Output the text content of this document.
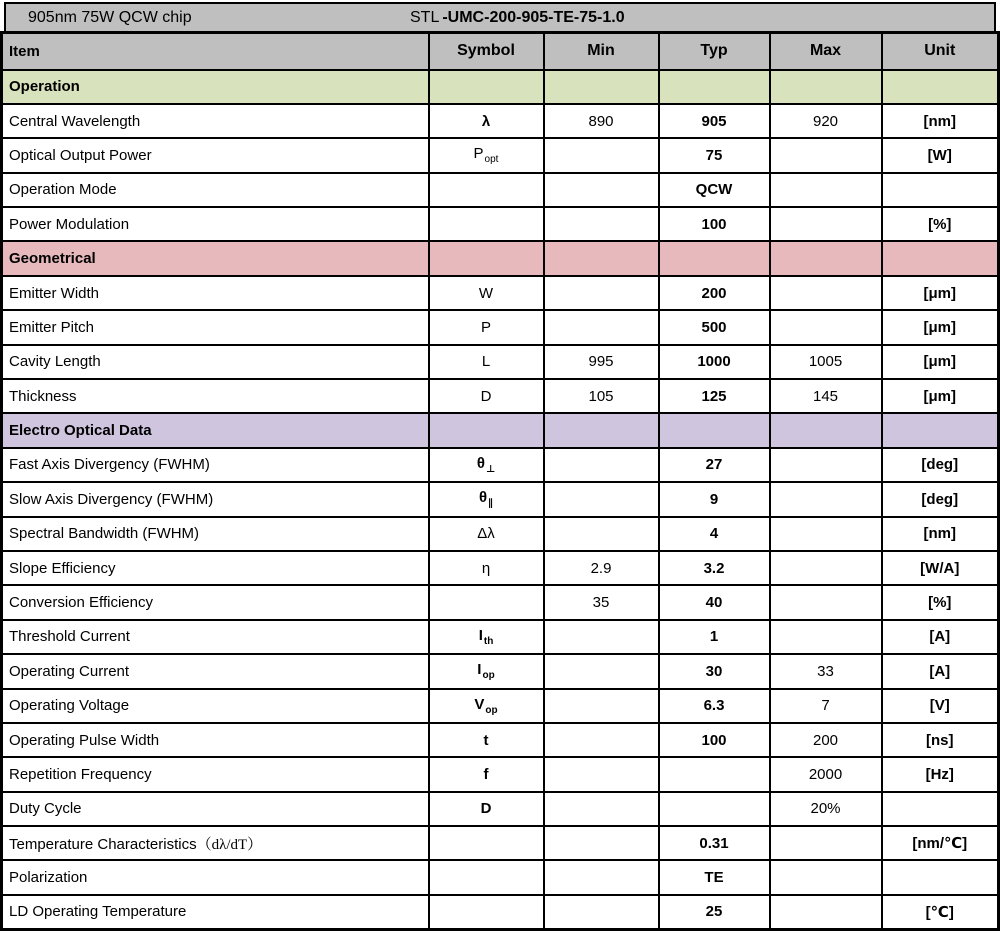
905nm 75W QCW chip	STL -UMC-200-905-TE-75-1.0
Item	Symbol	Min	Typ	Max	Unit
Operation					
Central Wavelength	λ	890	905	920	[nm]
Optical Output Power	$P_{opt}$		75		[W]
Operation Mode			QCW		
Power Modulation			100		[%]
Geometrical					
Emitter Width	W		200		[μm]
Emitter Pitch	P		500		[μm]
Cavity Length	L	995	1000	1005	[μm]
Thickness	D	105	125	145	[μm]
Electro Optical Data					
Fast Axis Divergency (FWHM)	$\theta_\perp$		27		[deg]
Slow Axis Divergency (FWHM)	$\theta_\parallel$		9		[deg]
Spectral Bandwidth (FWHM)	Δλ		4		[nm]
Slope Efficiency	η	2.9	3.2		[W/A]
Conversion Efficiency		35	40		[%]
Threshold Current	$I_{th}$		1		[A]
Operating Current	$I_{op}$		30	33	[A]
Operating Voltage	$V_{op}$		6.3	7	[V]
Operating Pulse Width	t		100	200	[ns]
Repetition Frequency	f			2000	[Hz]
Duty Cycle	D			20%	
Temperature Characteristics（dλ/dT）			0.31		[nm/℃]
Polarization			TE		
LD Operating Temperature			25		[℃]
